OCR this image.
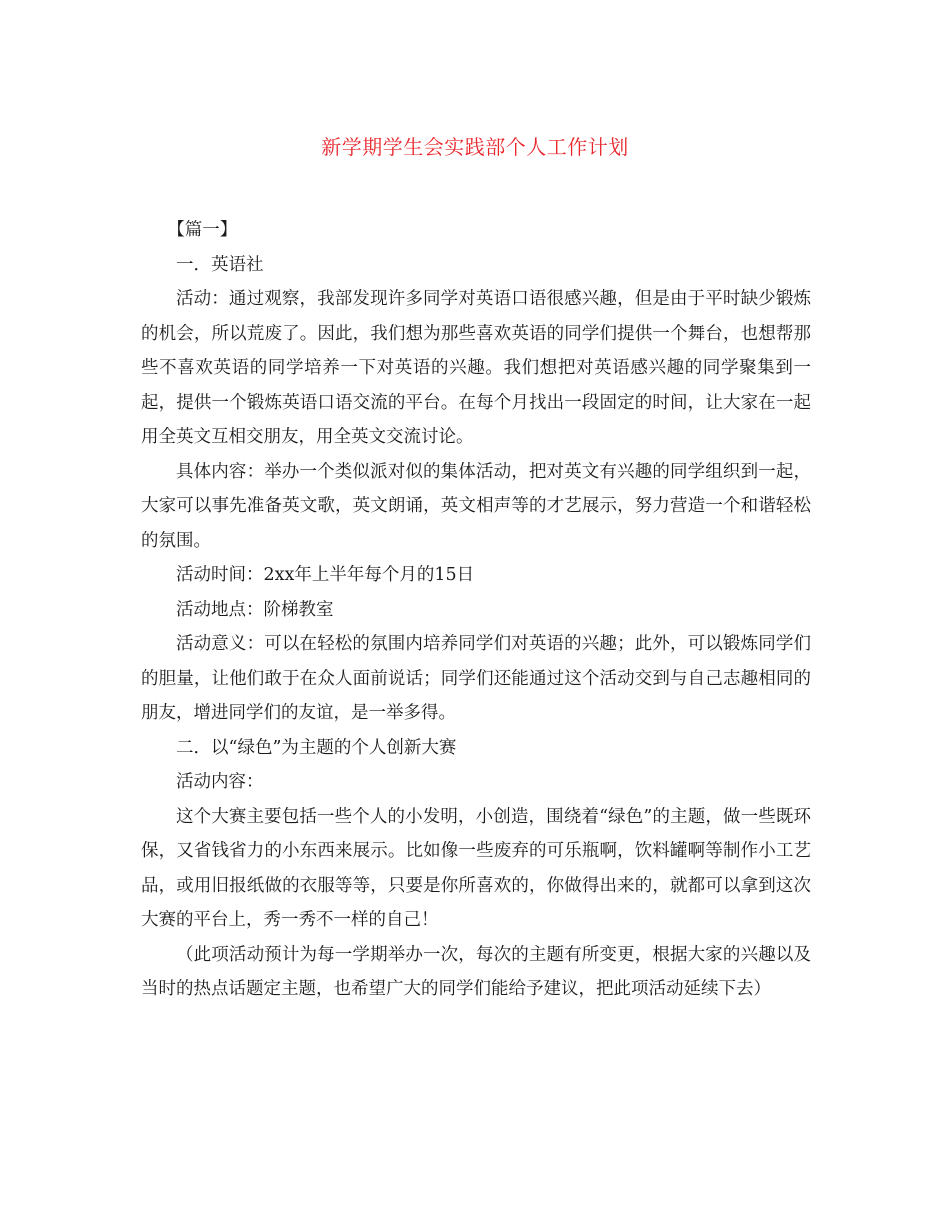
新学期学生会实践部个人工作计划

【篇一】

一．英语社

活动：通过观察，我部发现许多同学对英语口语很感兴趣，但是由于平时缺少锻炼的机会，所以荒废了。因此，我们想为那些喜欢英语的同学们提供一个舞台，也想帮那些不喜欢英语的同学培养一下对英语的兴趣。我们想把对英语感兴趣的同学聚集到一起，提供一个锻炼英语口语交流的平台。在每个月找出一段固定的时间，让大家在一起用全英文互相交朋友，用全英文交流讨论。

具体内容：举办一个类似派对似的集体活动，把对英文有兴趣的同学组织到一起，大家可以事先准备英文歌，英文朗诵，英文相声等的才艺展示，努力营造一个和谐轻松的氛围。

活动时间：2xx年上半年每个月的15日

活动地点：阶梯教室

活动意义：可以在轻松的氛围内培养同学们对英语的兴趣；此外，可以锻炼同学们的胆量，让他们敢于在众人面前说话；同学们还能通过这个活动交到与自己志趣相同的朋友，增进同学们的友谊，是一举多得。

二．以“绿色”为主题的个人创新大赛

活动内容：

这个大赛主要包括一些个人的小发明，小创造，围绕着“绿色”的主题，做一些既环保，又省钱省力的小东西来展示。比如像一些废弃的可乐瓶啊，饮料罐啊等制作小工艺品，或用旧报纸做的衣服等等，只要是你所喜欢的，你做得出来的，就都可以拿到这次大赛的平台上，秀一秀不一样的自己！

（此项活动预计为每一学期举办一次，每次的主题有所变更，根据大家的兴趣以及当时的热点话题定主题，也希望广大的同学们能给予建议，把此项活动延续下去）
